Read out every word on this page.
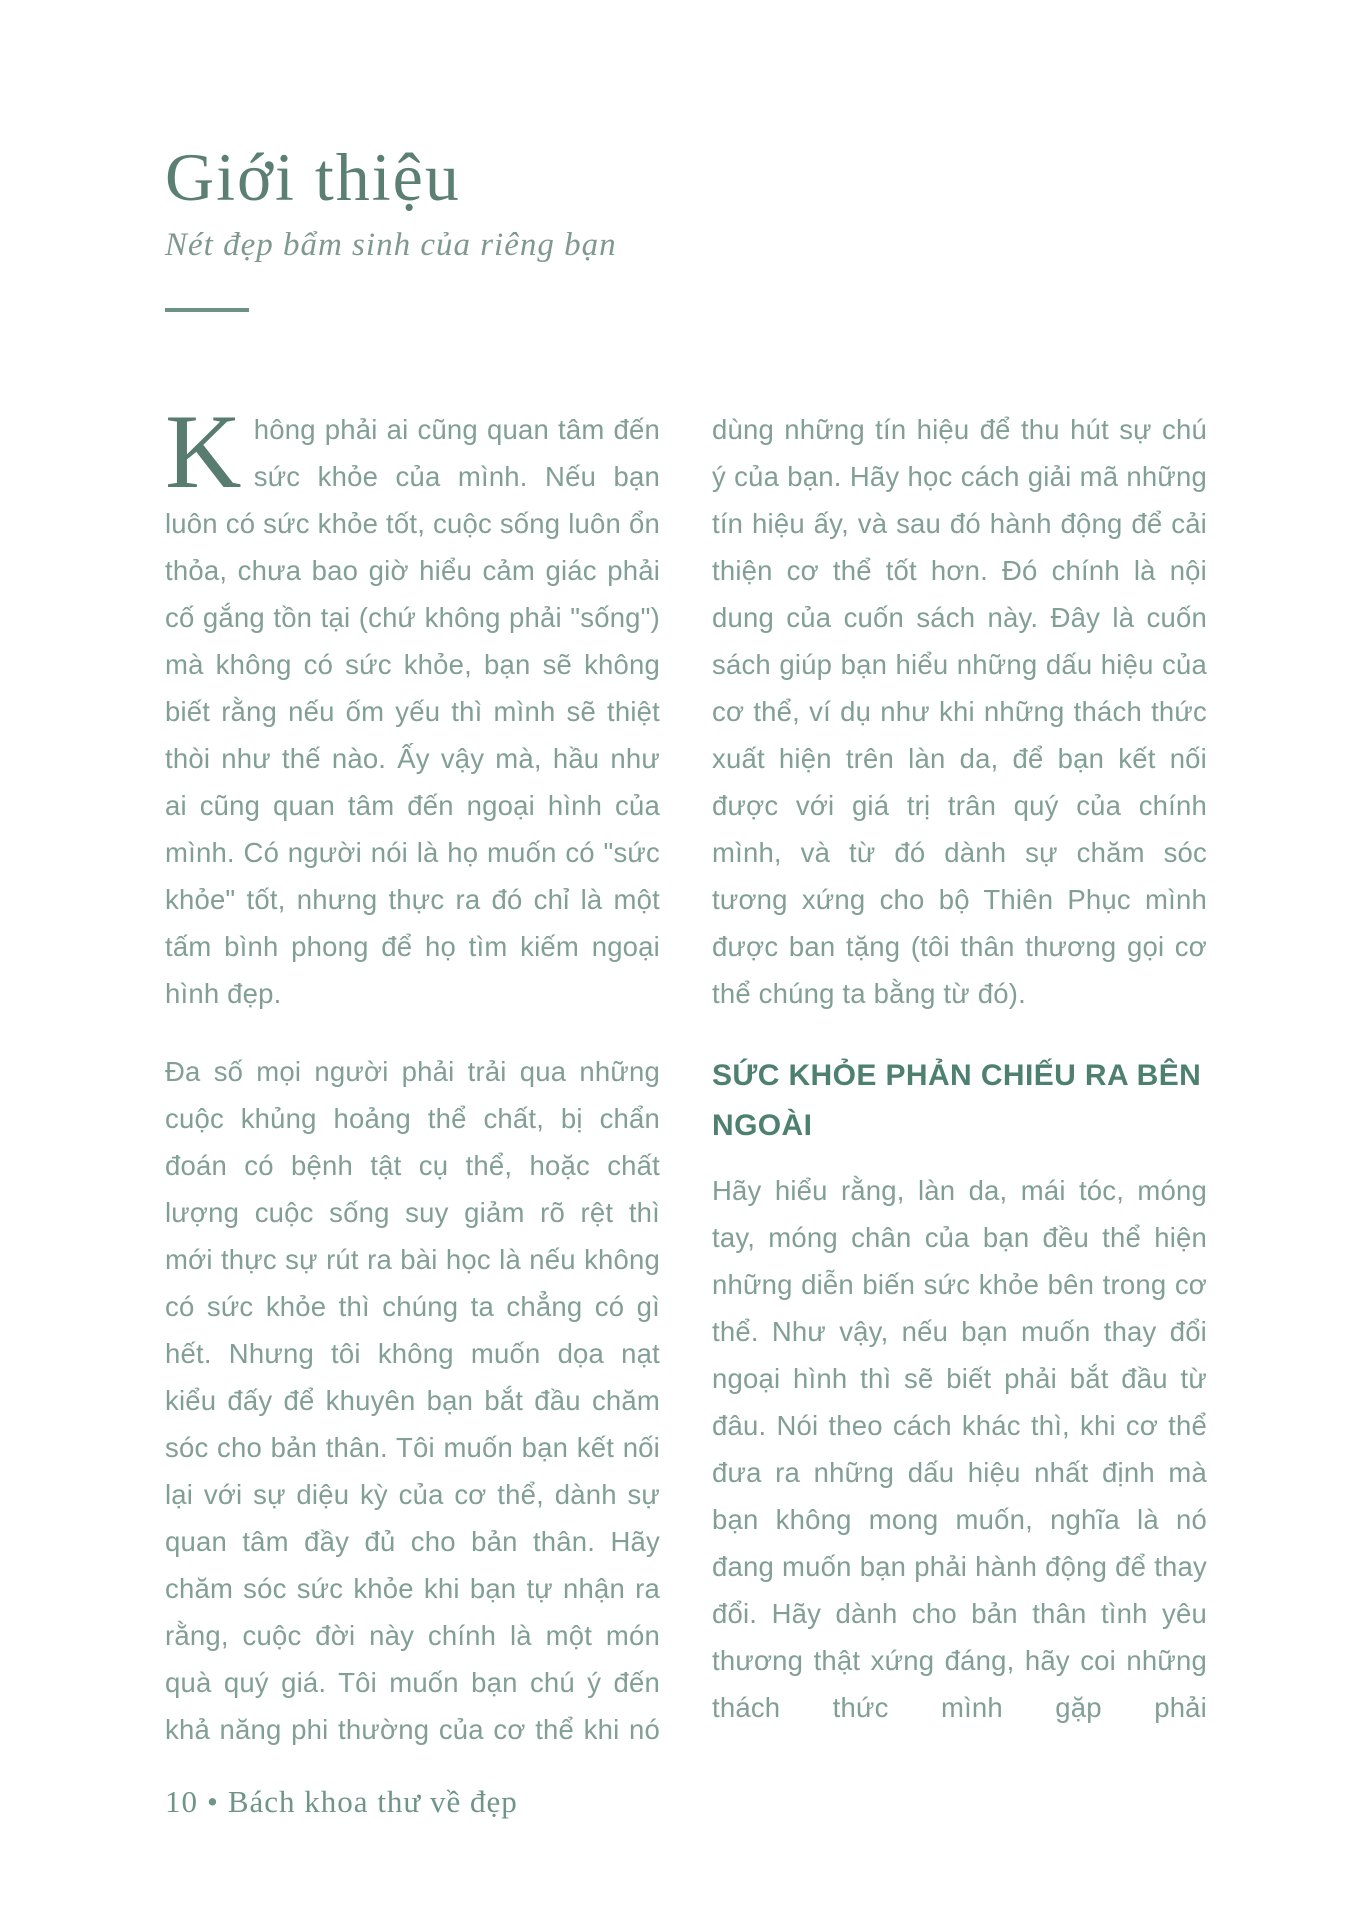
Giới thiệu

Nét đẹp bẩm sinh của riêng bạn

Không phải ai cũng quan tâm đến sức khỏe của mình. Nếu bạn luôn có sức khỏe tốt, cuộc sống luôn ổn thỏa, chưa bao giờ hiểu cảm giác phải cố gắng tồn tại (chứ không phải "sống") mà không có sức khỏe, bạn sẽ không biết rằng nếu ốm yếu thì mình sẽ thiệt thòi như thế nào. Ấy vậy mà, hầu như ai cũng quan tâm đến ngoại hình của mình. Có người nói là họ muốn có "sức khỏe" tốt, nhưng thực ra đó chỉ là một tấm bình phong để họ tìm kiếm ngoại hình đẹp.

Đa số mọi người phải trải qua những cuộc khủng hoảng thể chất, bị chẩn đoán có bệnh tật cụ thể, hoặc chất lượng cuộc sống suy giảm rõ rệt thì mới thực sự rút ra bài học là nếu không có sức khỏe thì chúng ta chẳng có gì hết. Nhưng tôi không muốn dọa nạt kiểu đấy để khuyên bạn bắt đầu chăm sóc cho bản thân. Tôi muốn bạn kết nối lại với sự diệu kỳ của cơ thể, dành sự quan tâm đầy đủ cho bản thân. Hãy chăm sóc sức khỏe khi bạn tự nhận ra rằng, cuộc đời này chính là một món quà quý giá. Tôi muốn bạn chú ý đến khả năng phi thường của cơ thể khi nó

dùng những tín hiệu để thu hút sự chú ý của bạn. Hãy học cách giải mã những tín hiệu ấy, và sau đó hành động để cải thiện cơ thể tốt hơn. Đó chính là nội dung của cuốn sách này. Đây là cuốn sách giúp bạn hiểu những dấu hiệu của cơ thể, ví dụ như khi những thách thức xuất hiện trên làn da, để bạn kết nối được với giá trị trân quý của chính mình, và từ đó dành sự chăm sóc tương xứng cho bộ Thiên Phục mình được ban tặng (tôi thân thương gọi cơ thể chúng ta bằng từ đó).

SỨC KHỎE PHẢN CHIẾU RA BÊN NGOÀI

Hãy hiểu rằng, làn da, mái tóc, móng tay, móng chân của bạn đều thể hiện những diễn biến sức khỏe bên trong cơ thể. Như vậy, nếu bạn muốn thay đổi ngoại hình thì sẽ biết phải bắt đầu từ đâu. Nói theo cách khác thì, khi cơ thể đưa ra những dấu hiệu nhất định mà bạn không mong muốn, nghĩa là nó đang muốn bạn phải hành động để thay đổi. Hãy dành cho bản thân tình yêu thương thật xứng đáng, hãy coi những thách thức mình gặp phải

10 • Bách khoa thư về đẹp
